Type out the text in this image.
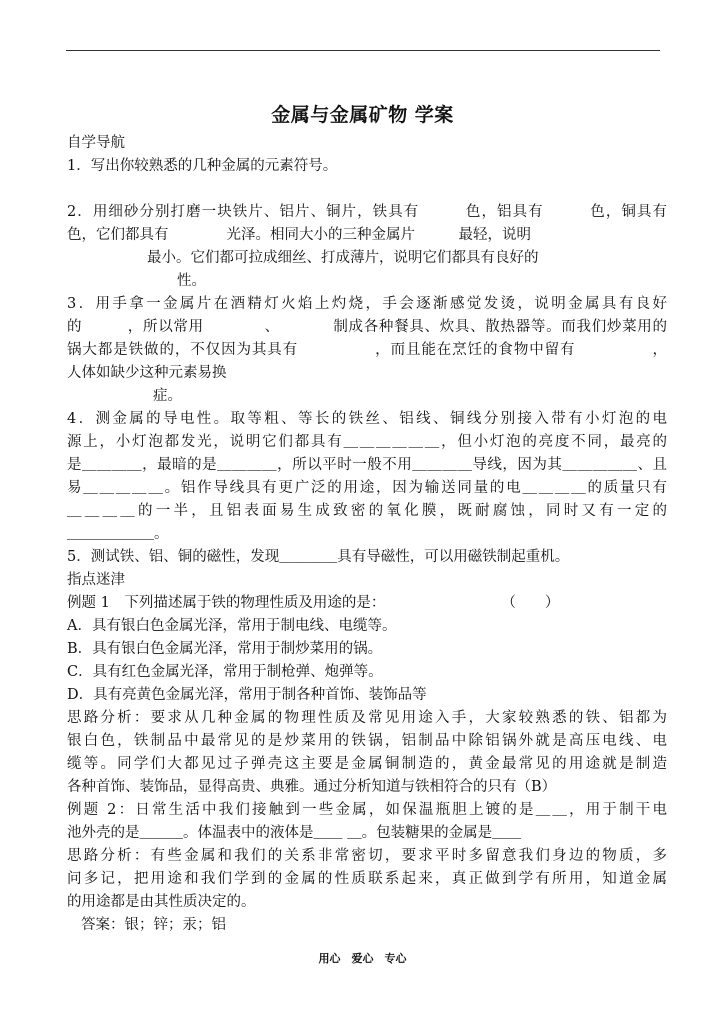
金属与金属矿物 学案
自学导航
1．写出你较熟悉的几种金属的元素符号。
2．用细砂分别打磨一块铁片、铝片、铜片，铁具有　　　色，铝具有　　　色，铜具有
色，它们都具有　　　　光泽。相同大小的三种金属片　　　最轻，说明
最小。它们都可拉成细丝、打成薄片，说明它们都具有良好的
性。
3．用手拿一金属片在酒精灯火焰上灼烧，手会逐渐感觉发烫，说明金属具有良好
的　　　，所以常用　　　　、　　　　制成各种餐具、炊具、散热器等。而我们炒菜用的
锅大都是铁做的，不仅因为其具有　　　　　，而且能在烹饪的食物中留有　　　　　，
人体如缺少这种元素易换
症。
4．测金属的导电性。取等粗、等长的铁丝、铝线、铜线分别接入带有小灯泡的电
源上，小灯泡都发光，说明它们都具有＿＿＿＿＿＿，但小灯泡的亮度不同，最亮的
是＿＿＿＿，最暗的是＿＿＿＿，所以平时一般不用＿＿＿＿导线，因为其＿＿＿＿＿、且
易＿＿＿＿＿。铝作导线具有更广泛的用途，因为输送同量的电＿＿＿＿的质量只有
＿＿＿＿的一半，且铝表面易生成致密的氧化膜，既耐腐蚀，同时又有一定的
＿＿＿＿＿＿。
5．测试铁、铝、铜的磁性，发现＿＿＿＿具有导磁性，可以用磁铁制起重机。
指点迷津
例题 1　下列描述属于铁的物理性质及用途的是：　　　　　　　　　（　　）
A．具有银白色金属光泽，常用于制电线、电缆等。
B．具有银白色金属光泽，常用于制炒菜用的锅。
C．具有红色金属光泽，常用于制枪弹、炮弹等。
D．具有亮黄色金属光泽，常用于制各种首饰、装饰品等
思路分析：要求从几种金属的物理性质及常见用途入手，大家较熟悉的铁、铝都为
银白色，铁制品中最常见的是炒菜用的铁锅，铝制品中除铝锅外就是高压电线、电
缆等。同学们大都见过子弹壳这主要是金属铜制造的，黄金最常见的用途就是制造
各种首饰、装饰品，显得高贵、典雅。通过分析知道与铁相符合的只有（B）
例题 2：日常生活中我们接触到一些金属，如保温瓶胆上镀的是＿＿，用于制干电
池外壳的是＿＿＿。体温表中的液体是＿＿ ＿。包装糖果的金属是＿＿
思路分析：有些金属和我们的关系非常密切，要求平时多留意我们身边的物质，多
问多记，把用途和我们学到的金属的性质联系起来，真正做到学有所用，知道金属
的用途都是由其性质决定的。
答案：银；锌；汞；铝
用心　爱心　专心
